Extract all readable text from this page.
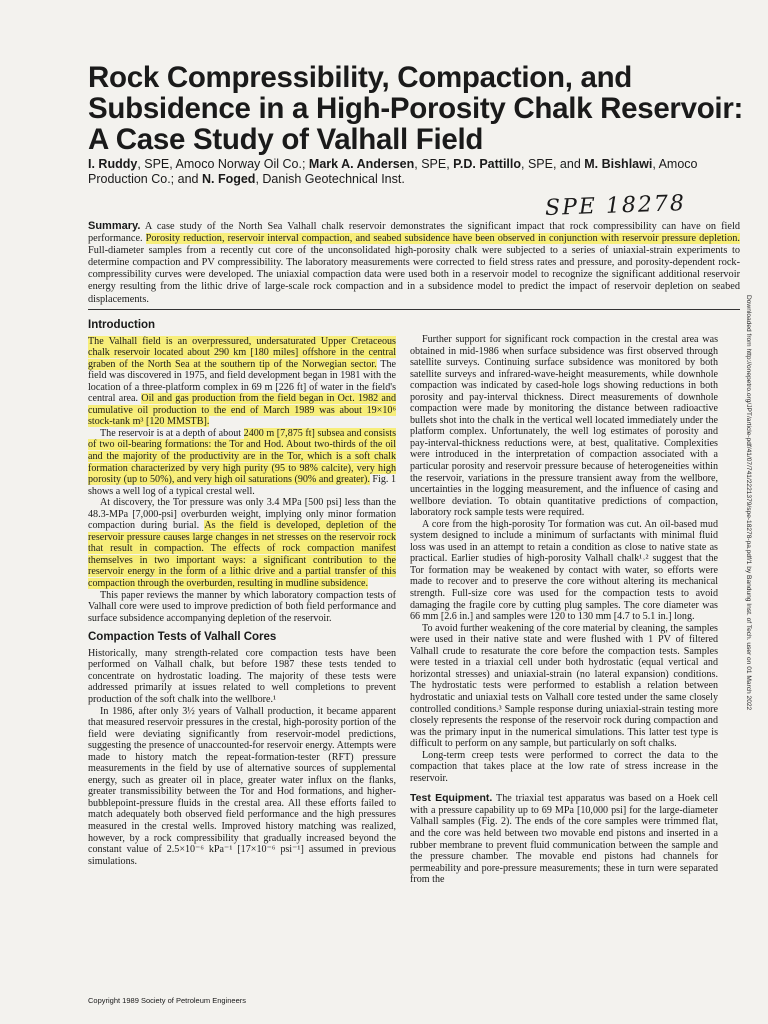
Rock Compressibility, Compaction, and Subsidence in a High-Porosity Chalk Reservoir: A Case Study of Valhall Field
I. Ruddy, SPE, Amoco Norway Oil Co.; Mark A. Andersen, SPE, P.D. Pattillo, SPE, and M. Bishlawi, Amoco Production Co.; and N. Foged, Danish Geotechnical Inst.
SPE 18278
Summary. A case study of the North Sea Valhall chalk reservoir demonstrates the significant impact that rock compressibility can have on field performance. Porosity reduction, reservoir interval compaction, and seabed subsidence have been observed in conjunction with reservoir pressure depletion. Full-diameter samples from a recently cut core of the unconsolidated high-porosity chalk were subjected to a series of uniaxial-strain experiments to determine compaction and PV compressibility. The laboratory measurements were corrected to field stress rates and pressure, and porosity-dependent rock-compressibility curves were developed. The uniaxial compaction data were used both in a reservoir model to recognize the significant additional reservoir energy resulting from the lithic drive of large-scale rock compaction and in a subsidence model to predict the impact of reservoir depletion on seabed displacements.
Introduction

The Valhall field is an overpressured, undersaturated Upper Cretaceous chalk reservoir located about 290 km [180 miles] offshore in the central graben of the North Sea at the southern tip of the Norwegian sector. The field was discovered in 1975, and field development began in 1981 with the location of a three-platform complex in 69 m [226 ft] of water in the field's central area. Oil and gas production from the field began in Oct. 1982 and cumulative oil production to the end of March 1989 was about 19×10⁶ stock-tank m³ [120 MMSTB].

The reservoir is at a depth of about 2400 m [7,875 ft] subsea and consists of two oil-bearing formations: the Tor and Hod. About two-thirds of the oil and the majority of the productivity are in the Tor, which is a soft chalk formation characterized by very high purity (95 to 98% calcite), very high porosity (up to 50%), and very high oil saturations (90% and greater). Fig. 1 shows a well log of a typical crestal well.

At discovery, the Tor pressure was only 3.4 MPa [500 psi] less than the 48.3-MPa [7,000-psi] overburden weight, implying only minor formation compaction during burial. As the field is developed, depletion of the reservoir pressure causes large changes in net stresses on the reservoir rock that result in compaction. The effects of rock compaction manifest themselves in two important ways: a significant contribution to the reservoir energy in the form of a lithic drive and a partial transfer of this compaction through the overburden, resulting in mudline subsidence.

This paper reviews the manner by which laboratory compaction tests of Valhall core were used to improve prediction of both field performance and surface subsidence accompanying depletion of the reservoir.

Compaction Tests of Valhall Cores

Historically, many strength-related core compaction tests have been performed on Valhall chalk, but before 1987 these tests tended to concentrate on hydrostatic loading. The majority of these tests were addressed primarily at issues related to well completions to prevent production of the soft chalk into the wellbore.¹

In 1986, after only 3½ years of Valhall production, it became apparent that measured reservoir pressures in the crestal, high-porosity portion of the field were deviating significantly from reservoir-model predictions, suggesting the presence of unaccounted-for reservoir energy. Attempts were made to history match the repeat-formation-tester (RFT) pressure measurements in the field by use of alternative sources of supplemental energy, such as greater oil in place, greater water influx on the flanks, greater transmissibility between the Tor and Hod formations, and higher-bubblepoint-pressure fluids in the crestal area. All these efforts failed to match adequately both observed field performance and the high pressures measured in the crestal wells. Improved history matching was realized, however, by a rock compressibility that gradually increased beyond the constant value of 2.5×10⁻⁶ kPa⁻¹ [17×10⁻⁶ psi⁻¹] assumed in previous simulations.

Further support for significant rock compaction in the crestal area was obtained in mid-1986 when surface subsidence was first observed through satellite surveys. Continuing surface subsidence was monitored by both satellite surveys and infrared-wave-height measurements, while downhole compaction was indicated by cased-hole logs showing reductions in both porosity and pay-interval thickness. Direct measurements of downhole compaction were made by monitoring the distance between radioactive bullets shot into the chalk in the vertical well located immediately under the platform complex. Unfortunately, the well log estimates of porosity and pay-interval-thickness reductions were, at best, qualitative. Complexities were introduced in the interpretation of compaction associated with a particular porosity and reservoir pressure because of heterogeneities within the reservoir, variations in the pressure transient away from the wellbore, uncertainties in the logging measurement, and the influence of casing and wellbore deviation. To obtain quantitative predictions of compaction, laboratory rock sample tests were required.

A core from the high-porosity Tor formation was cut. An oil-based mud system designed to include a minimum of surfactants with minimal fluid loss was used in an attempt to retain a condition as close to native state as practical. Earlier studies of high-porosity Valhall chalk¹˒² suggest that the Tor formation may be weakened by contact with water, so efforts were made to recover and to preserve the core without altering its mechanical strength. Full-size core was used for the compaction tests to avoid damaging the fragile core by cutting plug samples. The core diameter was 66 mm [2.6 in.] and samples were 120 to 130 mm [4.7 to 5.1 in.] long.

To avoid further weakening of the core material by cleaning, the samples were used in their native state and were flushed with 1 PV of filtered Valhall crude to resaturate the core before the compaction tests. Samples were tested in a triaxial cell under both hydrostatic (equal vertical and horizontal stresses) and uniaxial-strain (no lateral expansion) conditions. The hydrostatic tests were performed to establish a relation between hydrostatic and uniaxial tests on Valhall core tested under the same closely controlled conditions.³ Sample response during uniaxial-strain testing more closely represents the response of the reservoir rock during compaction and was the primary input in the numerical simulations. This latter test type is difficult to perform on any sample, but particularly on soft chalks.

Long-term creep tests were performed to correct the data to the compaction that takes place at the low rate of stress increase in the reservoir.

Test Equipment. The triaxial test apparatus was based on a Hoek cell with a pressure capability up to 69 MPa [10,000 psi] for the large-diameter Valhall samples (Fig. 2). The ends of the core samples were trimmed flat, and the core was held between two movable end pistons and inserted in a rubber membrane to prevent fluid communication between the sample and the pressure chamber. The movable end pistons had channels for permeability and pore-pressure measurements; these in turn were separated from the

Copyright 1989 Society of Petroleum Engineers
Downloaded from http://onepetro.org/JPT/article-pdf/41/07/741/2221379/spe-18278-pa.pdf/1 by Bandung Inst. of Tech. user on 01 March 2022
